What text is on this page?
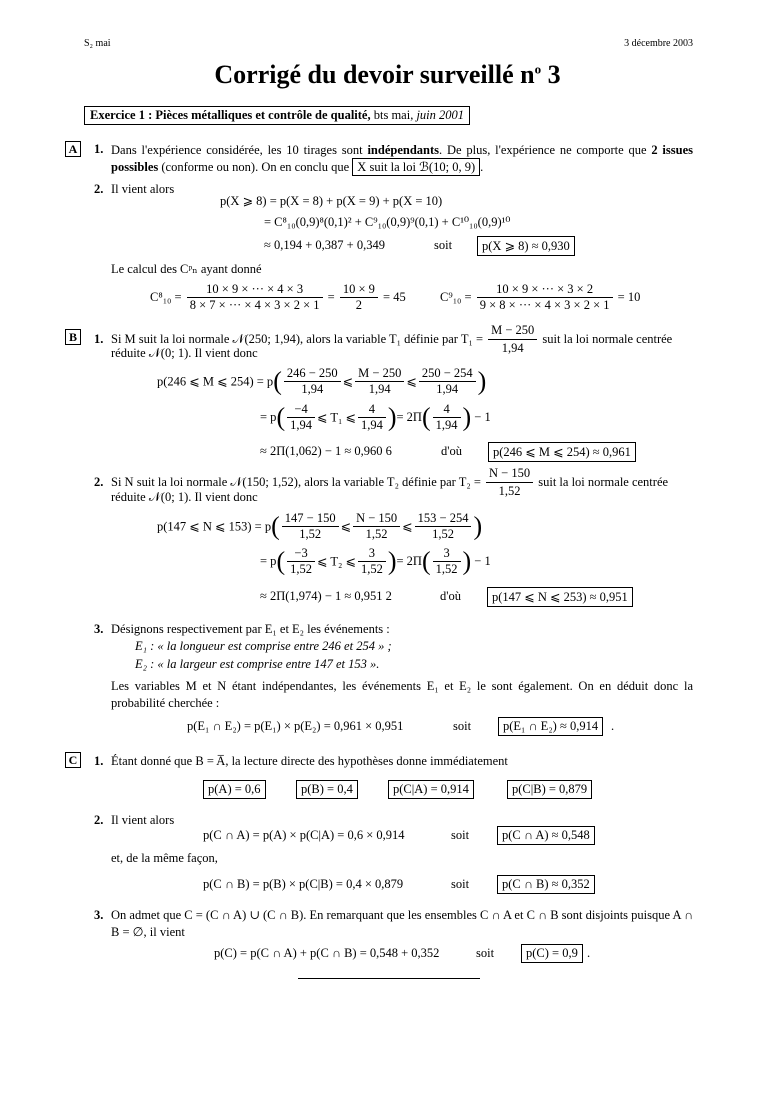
S₂ mai	3 décembre 2003
Corrigé du devoir surveillé $n^o$ 3
Exercice 1 : Pièces métalliques et contrôle de qualité, bts mai, juin 2001
A 1. Dans l'expérience considérée, les 10 tirages sont indépendants. De plus, l'expérience ne comporte que 2 issues possibles (conforme ou non). On en conclu que X suit la loi ℬ(10; 0, 9) .
2. Il vient alors
p(X ⩾ 8) = p(X = 8) + p(X = 9) + p(X = 10)
= C⁸₁₀(0,9)⁸(0,1)² + C⁹₁₀(0,9)⁹(0,1) + C¹⁰₁₀(0,9)¹⁰
≈ 0,194 + 0,387 + 0,349	soit	p(X ⩾ 8) ≈ 0,930
Le calcul des Cᵖₙ ayant donné
$C^8_{10} = \frac{10 \times 9 \times \cdot\cdot\cdot \times 4 \times 3}{8 \times 7 \times \cdot\cdot\cdot \times 4 \times 3 \times 2 \times 1} = \frac{10 \times 9}{2} = 45$	$C^9_{10} = \frac{10 \times 9 \times \cdot\cdot\cdot \times 3 \times 2}{9 \times 8 \times \cdot\cdot\cdot \times 4 \times 3 \times 2 \times 1} = 10$
B	1. Si M suit la loi normale 𝒩(250; 1,94), alors la variable T₁ définie par $T_1 = \frac{M - 250}{1,94}$ suit la loi normale centrée
réduite 𝒩(0; 1). Il vient donc
p(246 ⩽ M ⩽ $254) = p( \frac{246 - 250}{1,94}$ ⩽ $\frac{M - 250}{1,94}$ ⩽ $\frac{250 - 254}{1,94}$ )
= $p( \frac{-4}{1,94}$ ⩽ T₁ ⩽ $\frac{4}{1,94}$ )= $2\Pi( \frac{4}{1,94}$ ) − 1
≈ 2Π(1,062) − 1 ≈ 0,960 6	d'où	p(246 ⩽ M ⩽ 254) ≈ 0,961
2. Si N suit la loi normale 𝒩(150; 1,52), alors la variable T₂ définie par $T_2 = \frac{N - 150}{1,52}$ suit la loi normale centrée
réduite 𝒩(0; 1). Il vient donc
p(147 ⩽ N ⩽ $153) = p( \frac{147 - 150}{1,52}$ ⩽ $\frac{N - 150}{1,52}$ ⩽ $\frac{153 - 254}{1,52}$ )
= $p( \frac{-3}{1,52}$ ⩽ T₂ ⩽ $\frac{3}{1,52}$ )= $2\Pi( \frac{3}{1,52}$ ) − 1
≈ 2Π(1,974) − 1 ≈ 0,951 2	d'où	p(147 ⩽ N ⩽ 253) ≈ 0,951
3. Désignons respectivement par E₁ et E₂ les événements :
E₁ : « la longueur est comprise entre 246 et 254 » ;
E₂ : « la largeur est comprise entre 147 et 153 ».
Les variables M et N étant indépendantes, les événements E₁ et E₂ le sont également. On en déduit donc la probabilité cherchée :
p(E₁ ∩ E₂) = p(E₁) × p(E₂) = 0,961 × 0,951	soit	p(E₁ ∩ E₂) ≈ 0,914	.
C 1. Étant donné que B = A̅, la lecture directe des hypothèses donne immédiatement
p(A) = 0,6	p(B) = 0,4	p(C|A) = 0,914	p(C|B) = 0,879
2. Il vient alors
p(C ∩ A) = p(A) × p(C|A) = 0,6 × 0,914	soit	p(C ∩ A) ≈ 0,548
et, de la même façon,
p(C ∩ B) = p(B) × p(C|B) = 0,4 × 0,879	soit	p(C ∩ B) ≈ 0,352
3. On admet que C = (C ∩ A) ∪ (C ∩ B). En remarquant que les ensembles C ∩ A et C ∩ B sont disjoints puisque A ∩ B = ∅, il vient
p(C) = p(C ∩ A) + p(C ∩ B) = 0,548 + 0,352	soit	p(C) = 0,9 .
